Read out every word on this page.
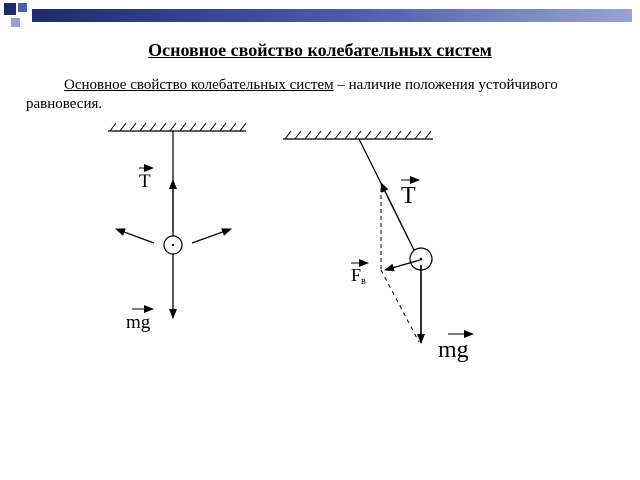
Основное свойство колебательных систем
Основное свойство колебательных систем – наличие положения устойчивого равновесия.
T
mg
T
Fв
mg
